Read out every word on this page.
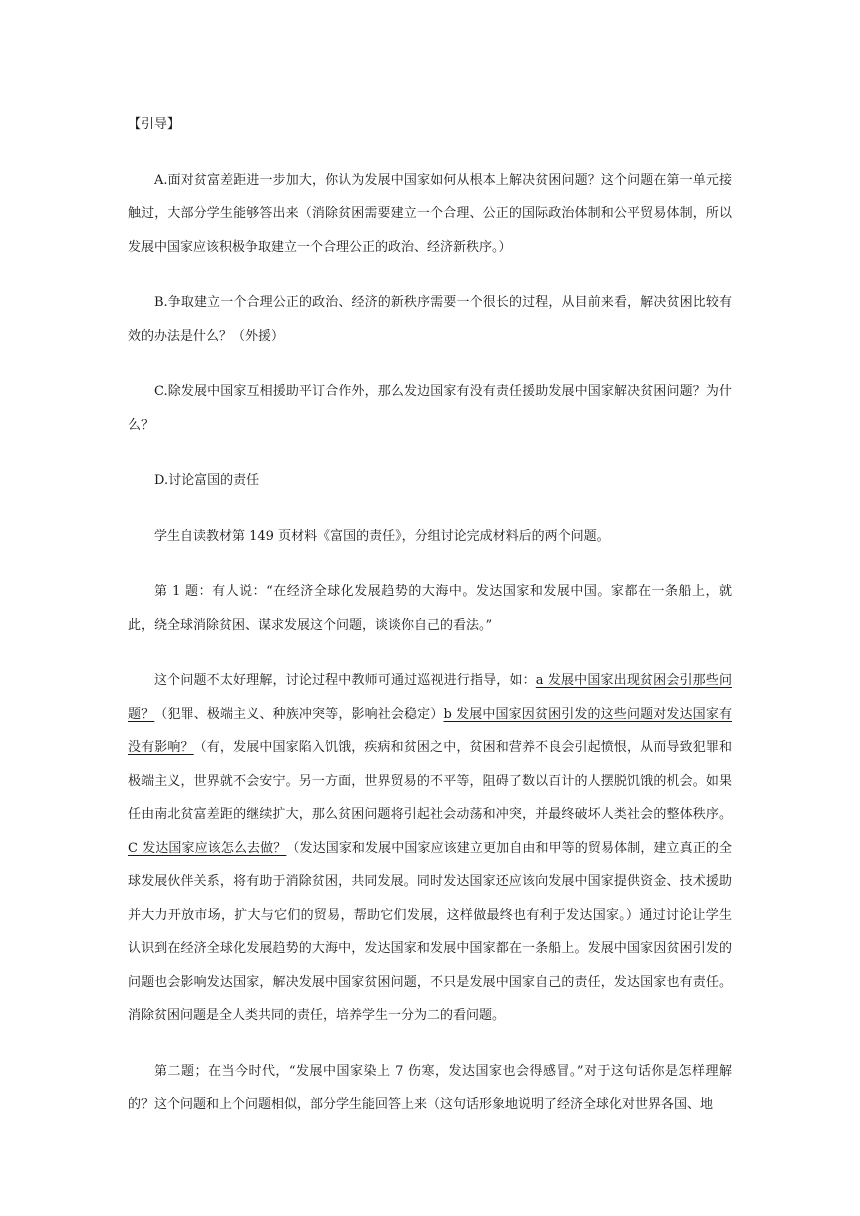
【引导】

A.面对贫富差距进一步加大，你认为发展中国家如何从根本上解决贫困问题？这个问题在第一单元接触过，大部分学生能够答出来（消除贫困需要建立一个合理、公正的国际政治体制和公平贸易体制，所以发展中国家应该积极争取建立一个合理公正的政治、经济新秩序。）

B.争取建立一个合理公正的政治、经济的新秩序需要一个很长的过程，从目前来看，解决贫困比较有效的办法是什么？（外援）

C.除发展中国家互相援助平订合作外，那么发边国家有没有责任援助发展中国家解决贫困问题？为什么？

D.讨论富国的责任

学生自读教材第 149 页材料《富国的责任》，分组讨论完成材料后的两个问题。

第 1 题：有人说：“在经济全球化发展趋势的大海中。发达国家和发展中国。家都在一条船上，就此，绕全球消除贫困、谋求发展这个问题，谈谈你自己的看法。”

这个问题不太好理解，讨论过程中教师可通过巡视进行指导，如：a 发展中国家出现贫困会引那些问题？（犯罪、极端主义、种族冲突等，影响社会稳定）b 发展中国家因贫困引发的这些问题对发达国家有没有影响？（有，发展中国家陷入饥饿，疾病和贫困之中，贫困和营养不良会引起愤恨，从而导致犯罪和极端主义，世界就不会安宁。另一方面，世界贸易的不平等，阻碍了数以百计的人摆脱饥饿的机会。如果任由南北贫富差距的继续扩大，那么贫困问题将引起社会动荡和冲突，并最终破坏人类社会的整体秩序。C 发达国家应该怎么去做？（发达国家和发展中国家应该建立更加自由和甲等的贸易体制，建立真正的全球发展伙伴关系，将有助于消除贫困，共同发展。同时发达国家还应该向发展中国家提供资金、技术援助并大力开放市场，扩大与它们的贸易，帮助它们发展，这样做最终也有利于发达国家。）通过讨论让学生认识到在经济全球化发展趋势的大海中，发达国家和发展中国家都在一条船上。发展中国家因贫困引发的问题也会影响发达国家，解决发展中国家贫困问题，不只是发展中国家自己的责任，发达国家也有责任。消除贫困问题是全人类共同的责任，培养学生一分为二的看问题。

第二题；在当今时代，“发展中国家染上 7 伤寒，发达国家也会得感冒。”对于这句话你是怎样理解的？这个问题和上个问题相似，部分学生能回答上来（这句话形象地说明了经济全球化对世界各国、地
